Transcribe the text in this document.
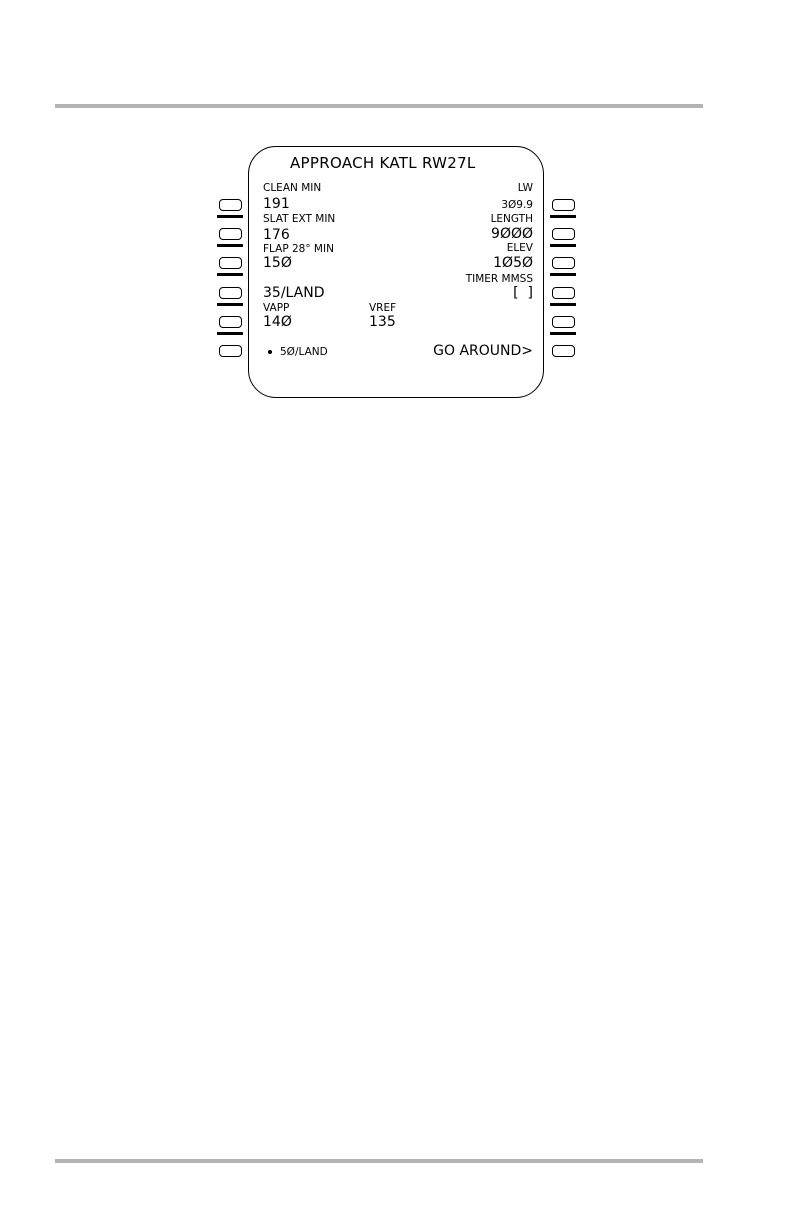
APPROACH KATL RW27L
CLEAN MIN
191
SLAT EXT MIN
176
FLAP 28° MIN
15Ø
35/LAND
VAPP
14Ø
5Ø/LAND
VREF
135
LW
3Ø9.9
LENGTH
9ØØØ
ELEV
1Ø5Ø
TIMER MMSS
[  ]
GO AROUND>
